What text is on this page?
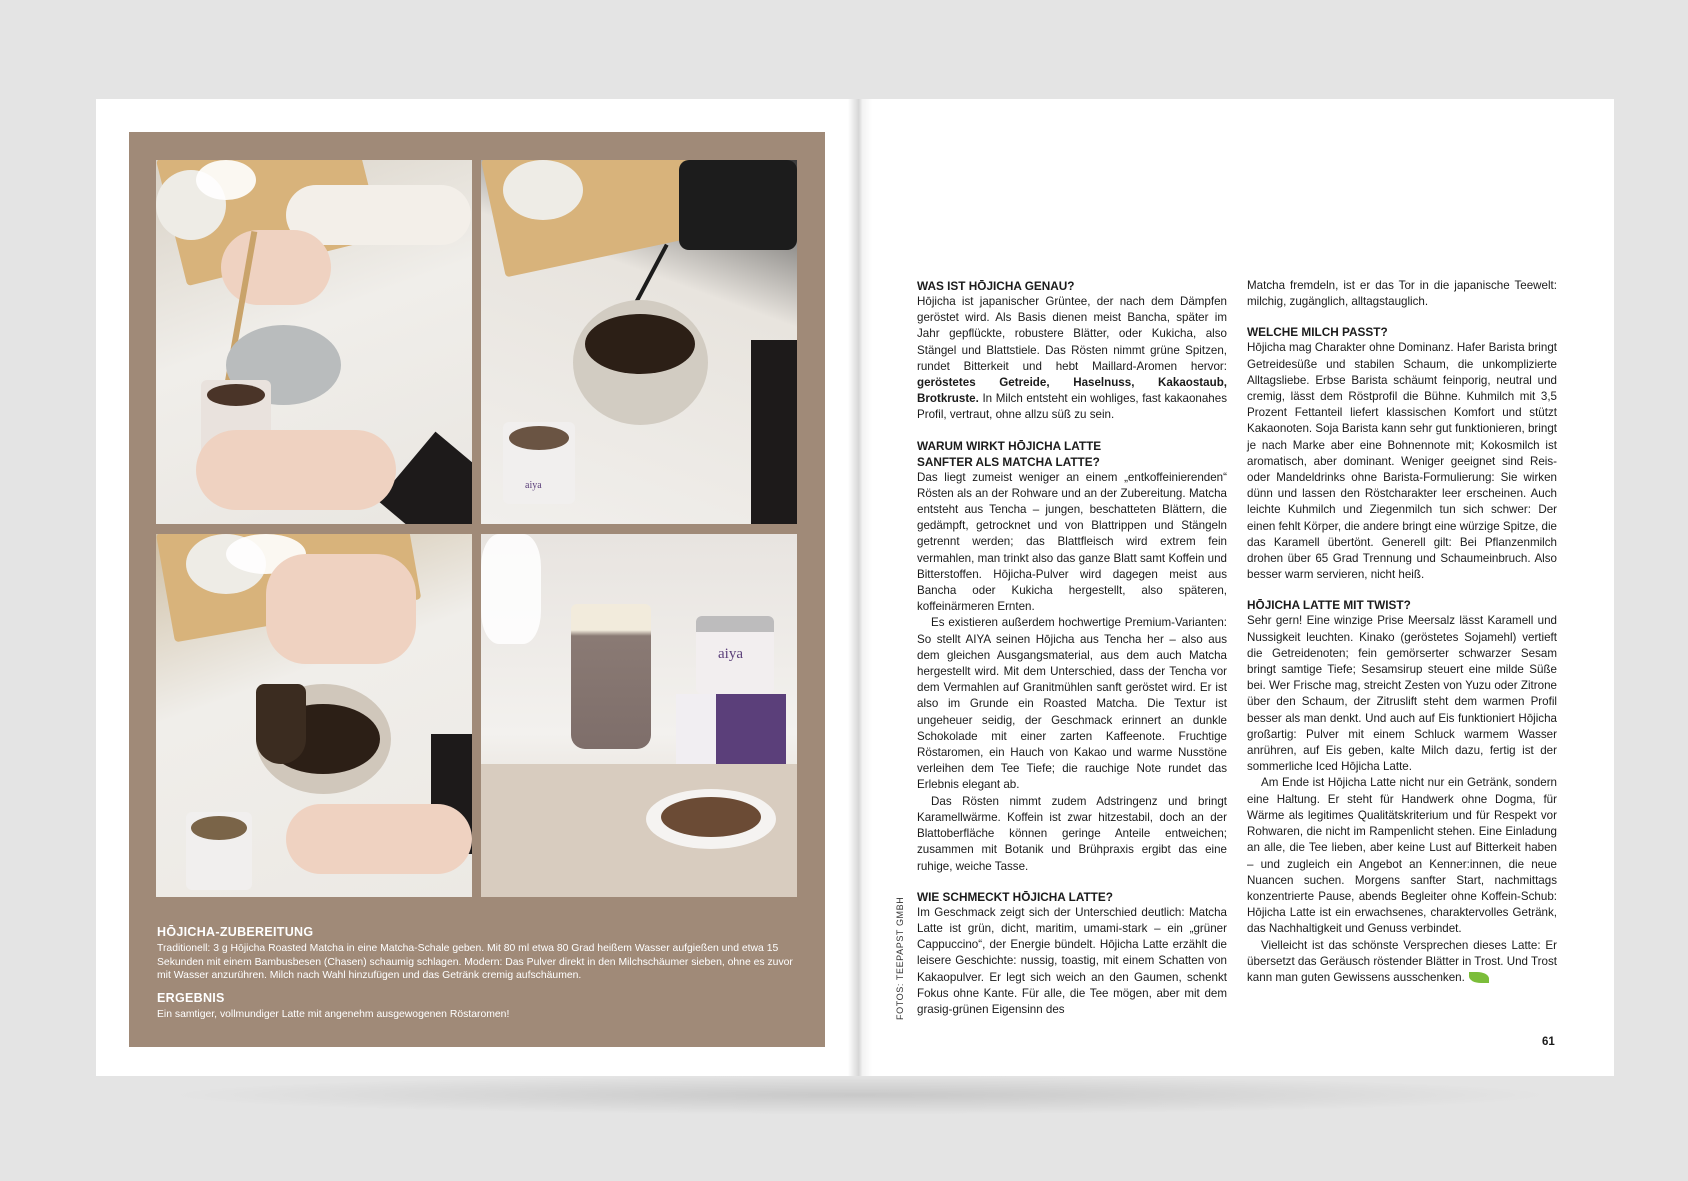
aiya
aiya
HŌJICHA-ZUBEREITUNG
Traditionell: 3 g Hōjicha Roasted Matcha in eine Matcha-Schale geben. Mit 80 ml etwa 80 Grad heißem Wasser aufgießen und etwa 15 Sekunden mit einem Bambusbesen (Chasen) schaumig schlagen. Modern: Das Pulver direkt in den Milchschäumer sieben, ohne es zuvor mit Wasser anzurühren. Milch nach Wahl hinzufügen und das Getränk cremig aufschäumen.
ERGEBNIS
Ein samtiger, vollmundiger Latte mit angenehm ausgewogenen Röstaromen!
WAS IST HŌJICHA GENAU?

Hōjicha ist japanischer Grüntee, der nach dem Dämpfen geröstet wird. Als Basis dienen meist Bancha, später im Jahr gepflückte, robustere Blätter, oder Kukicha, also Stängel und Blattstiele. Das Rösten nimmt grüne Spitzen, rundet Bitterkeit und hebt Maillard-Aromen hervor: geröstetes Getreide, Haselnuss, Kakaostaub, Brotkruste. In Milch entsteht ein wohliges, fast kakaonahes Profil, vertraut, ohne allzu süß zu sein.

WARUM WIRKT HŌJICHA LATTE
SANFTER ALS MATCHA LATTE?

Das liegt zumeist weniger an einem „entkoffeinierenden“ Rösten als an der Rohware und an der Zubereitung. Matcha entsteht aus Tencha – jungen, beschatteten Blättern, die gedämpft, getrocknet und von Blattrippen und Stängeln getrennt werden; das Blattfleisch wird extrem fein vermahlen, man trinkt also das ganze Blatt samt Koffein und Bitterstoffen. Hōjicha-Pulver wird dagegen meist aus Bancha oder Kukicha hergestellt, also späteren, koffeinärmeren Ernten.

Es existieren außerdem hochwertige Premium-Varianten: So stellt AIYA seinen Hōjicha aus Tencha her – also aus dem gleichen Ausgangsmaterial, aus dem auch Matcha hergestellt wird. Mit dem Unterschied, dass der Tencha vor dem Vermahlen auf Granitmühlen sanft geröstet wird. Er ist also im Grunde ein Roasted Matcha. Die Textur ist ungeheuer seidig, der Geschmack erinnert an dunkle Schokolade mit einer zarten Kaffeenote. Fruchtige Röstaromen, ein Hauch von Kakao und warme Nusstöne verleihen dem Tee Tiefe; die rauchige Note rundet das Erlebnis elegant ab.

Das Rösten nimmt zudem Adstringenz und bringt Karamellwärme. Koffein ist zwar hitzestabil, doch an der Blattoberfläche können geringe Anteile entweichen; zusammen mit Botanik und Brühpraxis ergibt das eine ruhige, weiche Tasse.

WIE SCHMECKT HŌJICHA LATTE?

Im Geschmack zeigt sich der Unterschied deutlich: Matcha Latte ist grün, dicht, maritim, umami-stark – ein „grüner Cappuccino“, der Energie bündelt. Hōjicha Latte erzählt die leisere Geschichte: nussig, toastig, mit einem Schatten von Kakaopulver. Er legt sich weich an den Gaumen, schenkt Fokus ohne Kante. Für alle, die Tee mögen, aber mit dem grasig-grünen Eigensinn des

Matcha fremdeln, ist er das Tor in die japanische Teewelt: milchig, zugänglich, alltagstauglich.

WELCHE MILCH PASST?

Hōjicha mag Charakter ohne Dominanz. Hafer Barista bringt Getreidesüße und stabilen Schaum, die unkomplizierte Alltagsliebe. Erbse Barista schäumt feinporig, neutral und cremig, lässt dem Röstprofil die Bühne. Kuhmilch mit 3,5 Prozent Fettanteil liefert klassischen Komfort und stützt Kakaonoten. Soja Barista kann sehr gut funktionieren, bringt je nach Marke aber eine Bohnennote mit; Kokosmilch ist aromatisch, aber dominant. Weniger geeignet sind Reis- oder Mandeldrinks ohne Barista-Formulierung: Sie wirken dünn und lassen den Röstcharakter leer erscheinen. Auch leichte Kuhmilch und Ziegenmilch tun sich schwer: Der einen fehlt Körper, die andere bringt eine würzige Spitze, die das Karamell übertönt. Generell gilt: Bei Pflanzenmilch drohen über 65 Grad Trennung und Schaumeinbruch. Also besser warm servieren, nicht heiß.

HŌJICHA LATTE MIT TWIST?

Sehr gern! Eine winzige Prise Meersalz lässt Karamell und Nussigkeit leuchten. Kinako (geröstetes Sojamehl) vertieft die Getreidenoten; fein gemörserter schwarzer Sesam bringt samtige Tiefe; Sesamsirup steuert eine milde Süße bei. Wer Frische mag, streicht Zesten von Yuzu oder Zitrone über den Schaum, der Zitruslift steht dem warmen Profil besser als man denkt. Und auch auf Eis funktioniert Hōjicha großartig: Pulver mit einem Schluck warmem Wasser anrühren, auf Eis geben, kalte Milch dazu, fertig ist der sommerliche Iced Hōjicha Latte.

Am Ende ist Hōjicha Latte nicht nur ein Getränk, sondern eine Haltung. Er steht für Handwerk ohne Dogma, für Wärme als legitimes Qualitätskriterium und für Respekt vor Rohwaren, die nicht im Rampenlicht stehen. Eine Einladung an alle, die Tee lieben, aber keine Lust auf Bitterkeit haben – und zugleich ein Angebot an Kenner:innen, die neue Nuancen suchen. Morgens sanfter Start, nachmittags konzentrierte Pause, abends Begleiter ohne Koffein-Schub: Hōjicha Latte ist ein erwachsenes, charaktervolles Getränk, das Nachhaltigkeit und Genuss verbindet.

Vielleicht ist das schönste Versprechen dieses Latte: Er übersetzt das Geräusch röstender Blätter in Trost. Und Trost kann man guten Gewissens ausschenken.

FOTOS: TEEPAPST GMBH
61
